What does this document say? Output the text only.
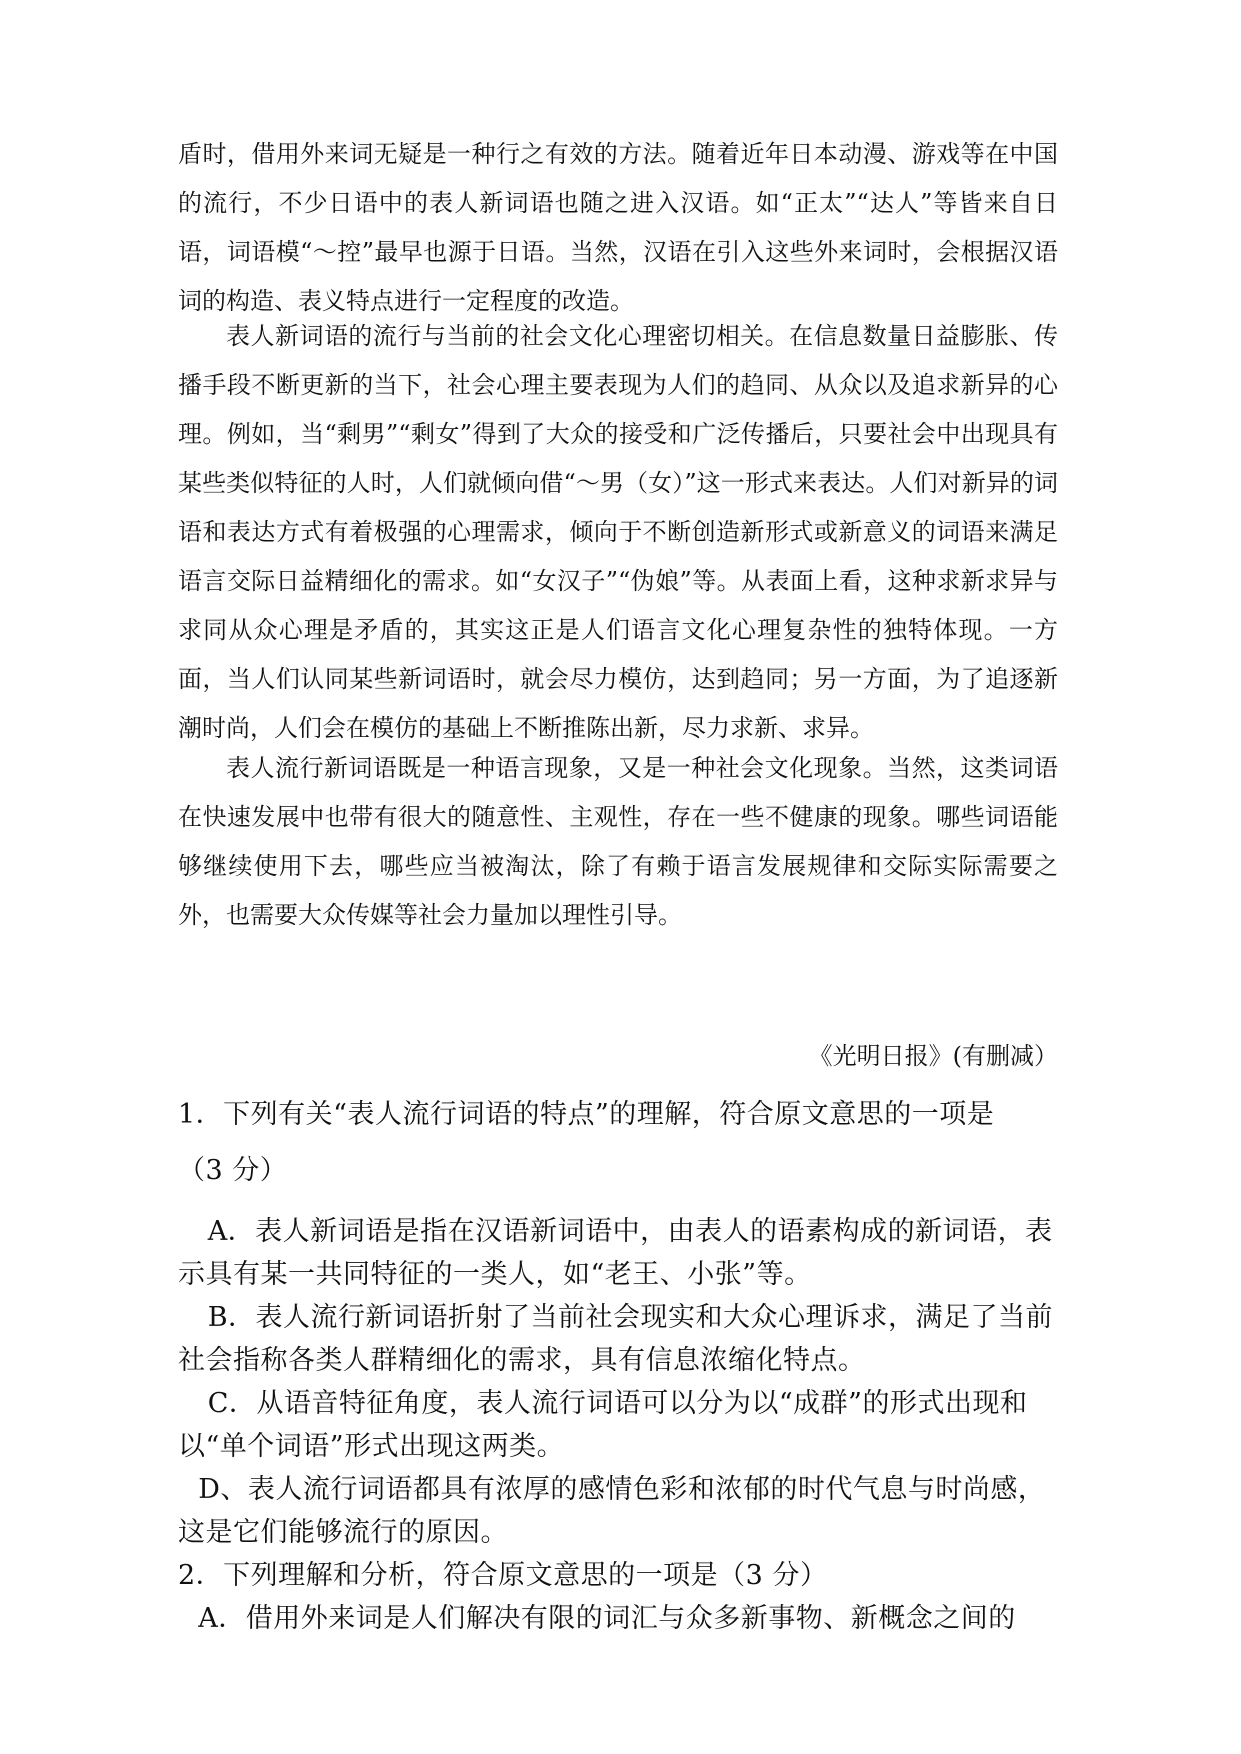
盾时，借用外来词无疑是一种行之有效的方法。随着近年日本动漫、游戏等在中国的流行，不少日语中的表人新词语也随之进入汉语。如“正太”“达人”等皆来自日语，词语模“～控”最早也源于日语。当然，汉语在引入这些外来词时，会根据汉语词的构造、表义特点进行一定程度的改造。

表人新词语的流行与当前的社会文化心理密切相关。在信息数量日益膨胀、传播手段不断更新的当下，社会心理主要表现为人们的趋同、从众以及追求新异的心理。例如，当“剩男”“剩女”得到了大众的接受和广泛传播后，只要社会中出现具有某些类似特征的人时，人们就倾向借“～男（女）”这一形式来表达。人们对新异的词语和表达方式有着极强的心理需求，倾向于不断创造新形式或新意义的词语来满足语言交际日益精细化的需求。如“女汉子”“伪娘”等。从表面上看，这种求新求异与求同从众心理是矛盾的，其实这正是人们语言文化心理复杂性的独特体现。一方面，当人们认同某些新词语时，就会尽力模仿，达到趋同；另一方面，为了追逐新潮时尚，人们会在模仿的基础上不断推陈出新，尽力求新、求异。

表人流行新词语既是一种语言现象，又是一种社会文化现象。当然，这类词语在快速发展中也带有很大的随意性、主观性，存在一些不健康的现象。哪些词语能够继续使用下去，哪些应当被淘汰，除了有赖于语言发展规律和交际实际需要之外，也需要大众传媒等社会力量加以理性引导。

《光明日报》(有删减）
1．下列有关“表人流行词语的特点”的理解，符合原文意思的一项是
（3 分）
A．表人新词语是指在汉语新词语中，由表人的语素构成的新词语，表示具有某一共同特征的一类人，如“老王、小张”等。
B．表人流行新词语折射了当前社会现实和大众心理诉求，满足了当前社会指称各类人群精细化的需求，具有信息浓缩化特点。
C．从语音特征角度，表人流行词语可以分为以“成群”的形式出现和以“单个词语”形式出现这两类。
D、表人流行词语都具有浓厚的感情色彩和浓郁的时代气息与时尚感，这是它们能够流行的原因。
2．下列理解和分析，符合原文意思的一项是（3 分）
A．借用外来词是人们解决有限的词汇与众多新事物、新概念之间的
